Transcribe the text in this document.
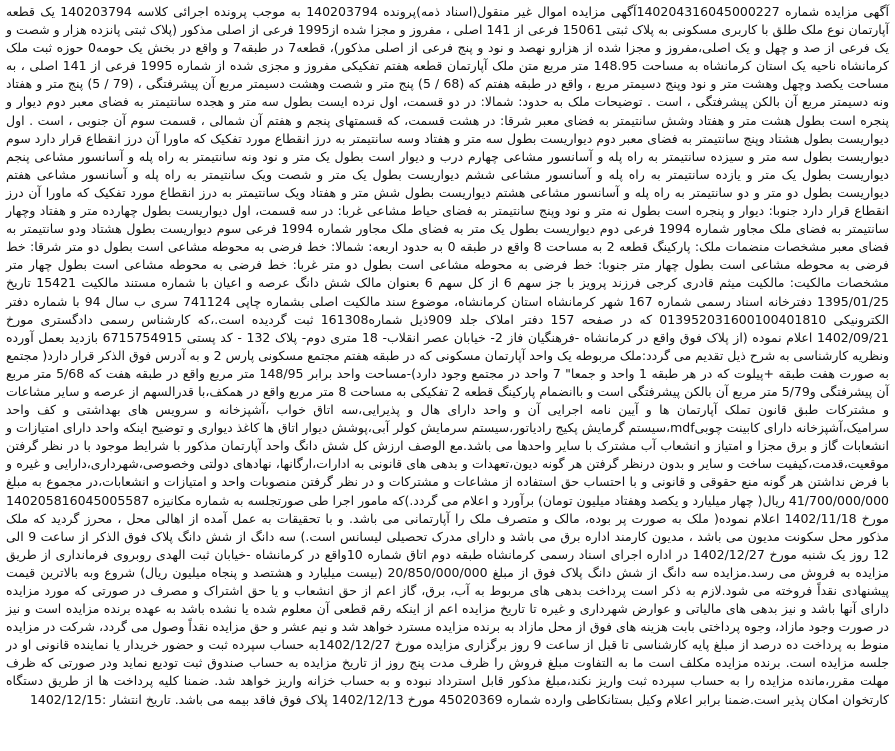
آگهی مزایده شماره 140204316045000227آگهی مزایده اموال غیر منقول(اسناد ذمه)پرونده 140203794 به موجب پرونده اجرائی کلاسه 140203794 یک قطعه آپارتمان نوع ملک طلق با کاربری مسکونی به پلاک ثبتی 15061 فرعی از 141 اصلی ، مفروز و مجزا شده از1995 فرعی از اصلی مذکور (پلاک ثبتی پانزده هزار و شصت و یک فرعی از صد و چهل و یک اصلی،مفروز و مجزا شده از هزارو نهصد و نود و پنج فرعی از اصلی مذکور)، قطعه7 در طبقه7 و واقع در بخش یک حومه0 حوزه ثبت ملک کرمانشاه ناحیه یک استان کرمانشاه به مساحت 148.95 متر مربع متن ملک آپارتمان قطعه هفتم تفکیکی مفروز و مجزی شده از شماره 1995 فرعی از 141 اصلی ، به مساحت یکصد وچهل وهشت متر و نود وپنج دسیمتر مربع ، واقع در طبقه هفتم که (68 / 5) پنج متر و شصت وهشت دسیمتر مربع آن پیشرفتگی ، (79 / 5) پنج متر و هفتاد ونه دسیمتر مربع آن بالکن پیشرفتگی ، است . توضیحات ملک به حدود: شمالا: در دو قسمت، اول نرده ایست بطول سه متر و هجده سانتیمتر به فضای معبر دوم دیوار و پنجره است بطول هشت متر و هفتاد وشش سانتیمتر به فضای معبر شرقا: در هشت قسمت، که قسمتهای پنجم و هفتم آن شمالی ، قسمت سوم آن جنوبی ، است . اول دیواریست بطول هشتاد وپنج سانتیمتر به فضای معبر دوم دیواریست بطول سه متر و هفتاد وسه سانتیمتر به درز انقطاع مورد تفکیک که ماورا آن درز انقطاع قرار دارد سوم دیواریست بطول سه متر و سیزده سانتیمتر به راه پله و آسانسور مشاعی چهارم درب و دیوار است بطول یک متر و نود ونه سانتیمتر به راه پله و آسانسور مشاعی پنجم دیواریست بطول یک متر و یازده سانتیمتر به راه پله و آسانسور مشاعی ششم دیواریست بطول یک متر و شصت ویک سانتیمتر به راه پله و آسانسور مشاعی هفتم دیواریست بطول دو متر و دو سانتیمتر به راه پله و آسانسور مشاعی هشتم دیواریست بطول شش متر و هفتاد ویک سانتیمتر به درز انقطاع مورد تفکیک که ماورا آن درز انقطاع قرار دارد جنوبا: دیوار و پنجره است بطول نه متر و نود وپنج سانتیمتر به فضای حیاط مشاعی غربا: در سه قسمت، اول دیواریست بطول چهارده متر و هفتاد وچهار سانتیمتر به فضای ملک مجاور شماره 1994 فرعی دوم دیواریست بطول یک متر به فضای ملک مجاور شماره 1994 فرعی سوم دیواریست بطول هشتاد ودو سانتیمتر به فضای معبر مشخصات منضمات ملک: پارکینگ قطعه 2 به مساحت 8 واقع در طبقه 0 به حدود اربعه: شمالا: خط فرضی به محوطه مشاعی است بطول دو متر شرقا: خط فرضی به محوطه مشاعی است بطول چهار متر جنوبا: خط فرضی به محوطه مشاعی است بطول دو متر غربا: خط فرضی به محوطه مشاعی است بطول چهار متر مشخصات مالکیت: مالکیت میثم قادری کرجی فرزند پرویز با جز سهم 6 از کل سهم 6 بعنوان مالک شش دانگ عرصه و اعیان با شماره مستند مالکیت 15421 تاریخ 1395/01/25 دفترخانه اسناد رسمی شماره 167 شهر کرمانشاه استان کرمانشاه، موضوع سند مالکیت اصلی بشماره چاپی 741124 سری ب سال 94 با شماره دفتر الکترونیکی 013952031600100401810 که در صفحه 157 دفتر املاک جلد 909ذیل شماره161308 ثبت گردیده است.،که کارشناس رسمی دادگستری مورخ 1402/09/21 اعلام نموده (از پلاک فوق واقع در کرمانشاه -فرهنگیان فاز 2- خیابان عصر انقلاب- 18 متری دوم- پلاک 132 - کد پستی 6715754915 بازدید بعمل آورده ونظریه کارشناسی به شرح ذیل تقدیم می گردد:ملک مربوطه یک واحد آپارتمان مسکونی که در طبقه هفتم مجتمع مسکونی پارس 2 و به آدرس فوق الذکر قرار دارد( مجتمع به صورت هفت طبقه +پیلوت که در هر طبقه 1 واحد و جمعا" 7 واحد در مجتمع وجود دارد)-مساحت واحد برابر 148/95 متر مربع واقع در طبقه هفت که 5/68 متر مربع آن پیشرفتگی و5/79 متر مربع آن بالکن پیشرفتگی است و باانضمام پارکینگ قطعه 2 تفکیکی به مساحت 8 متر مربع واقع در همکف،با قدرالسهم از عرصه و سایر مشاعات و مشترکات طبق قانون تملک آپارتمان ها و آیین نامه اجرایی آن و واحد دارای هال و پذیرایی،سه اتاق خواب ،آشپزخانه و سرویس های بهداشتی و کف واحد سرامیک،آشپزخانه دارای کابینت چوبیmdf،سیستم گرمایش پکیج رادیاتور،سیستم سرمایش کولر آبی،پوشش دیوار اتاق ها کاغذ دیواری و توضیح اینکه واحد دارای امتیازات و انشعابات گاز و برق مجزا و امتیاز و انشعاب آب مشترک با سایر واحدها می باشد.مع الوصف ارزش کل شش دانگ واحد آپارتمان مذکور با شرایط موجود با در نظر گرفتن موقعیت،قدمت،کیفیت ساخت و سایر و بدون درنظر گرفتن هر گونه دیون،تعهدات و بدهی های قانونی به ادارات،ارگانها، نهادهای دولتی وخصوصی،شهرداری،دارایی و غیره و با فرض نداشتن هر گونه منع حقوقی و قانونی و با احتساب حق استفاده از مشاعات و مشترکات و در نظر گرفتن منصوبات واحد و امتیازات و انشعابات،در مجموع به مبلغ 41/700/000/000 ریال( چهار میلیارد و یکصد وهفتاد میلیون تومان) برآورد و اعلام می گردد.)که مامور اجرا طی صورتجلسه به شماره مکانیزه 140205816045005587 مورخ 1402/11/18 اعلام نموده( ملک به صورت پر بوده، مالک و متصرف ملک را آپارتمانی می باشد. و با تحقیقات به عمل آمده از اهالی محل ، محرز گردید که ملک مذکور محل سکونت مدیون می باشد ، مدیون کارمند اداره برق می باشد و دارای مدرک تحصیلی لیسانس است.) سه دانگ از شش دانگ پلاک فوق الذکر از ساعت 9 الی 12 روز یک شنبه مورخ 1402/12/27 در اداره اجرای اسناد رسمی کرمانشاه طبقه دوم اتاق شماره 10واقع در کرمانشاه -خیابان ثبت الهدی روبروی فرمانداری از طریق مزایده به فروش می رسد.مزایده سه دانگ از شش دانگ پلاک فوق از مبلغ 20/850/000/000 (بیست میلیارد و هشتصد و پنجاه میلیون ریال) شروع وبه بالاترین قیمت پیشنهادی نقداً فروخته می شود.لازم به ذکر است پرداخت بدهی های مربوط به آب، برق، گاز اعم از حق انشعاب و یا حق اشتراک و مصرف در صورتی که مورد مزایده دارای آنها باشد و نیز بدهی های مالیاتی و عوارض شهرداری و غیره تا تاریخ مزایده اعم از اینکه رقم قطعی آن معلوم شده یا نشده باشد به عهده برنده مزایده است و نیز در صورت وجود مازاد، وجوه پرداختی بابت هزینه های فوق از محل مازاد به برنده مزایده مسترد خواهد شد و نیم عشر و حق مزایده نقداً وصول می گردد، شرکت در مزایده منوط به پرداخت ده درصد از مبلغ پایه کارشناسی تا قبل از ساعت 9 روز برگزاری مزایده مورخ 1402/12/27به حساب سپرده ثبت و حضور خریدار یا نماینده قانونی او در جلسه مزایده است. برنده مزایده مکلف است ما به التفاوت مبلغ فروش را ظرف مدت پنج روز از تاریخ مزایده به حساب صندوق ثبت تودیع نماید ودر صورتی که ظرف مهلت مقرر،مانده مزایده را به حساب سپرده ثبت واریز نکند،مبلغ مذکور قابل استرداد نبوده و به حساب خزانه واریز خواهد شد. ضمنا کلیه پرداخت ها از طریق دستگاه کارتخوان امکان پذیر است.ضمنا برابر اعلام وکیل بستانکاطی وارده شماره 45020369 مورخ 1402/12/13 پلاک فوق فاقد بیمه می باشد. تاریخ انتشار :1402/12/15
